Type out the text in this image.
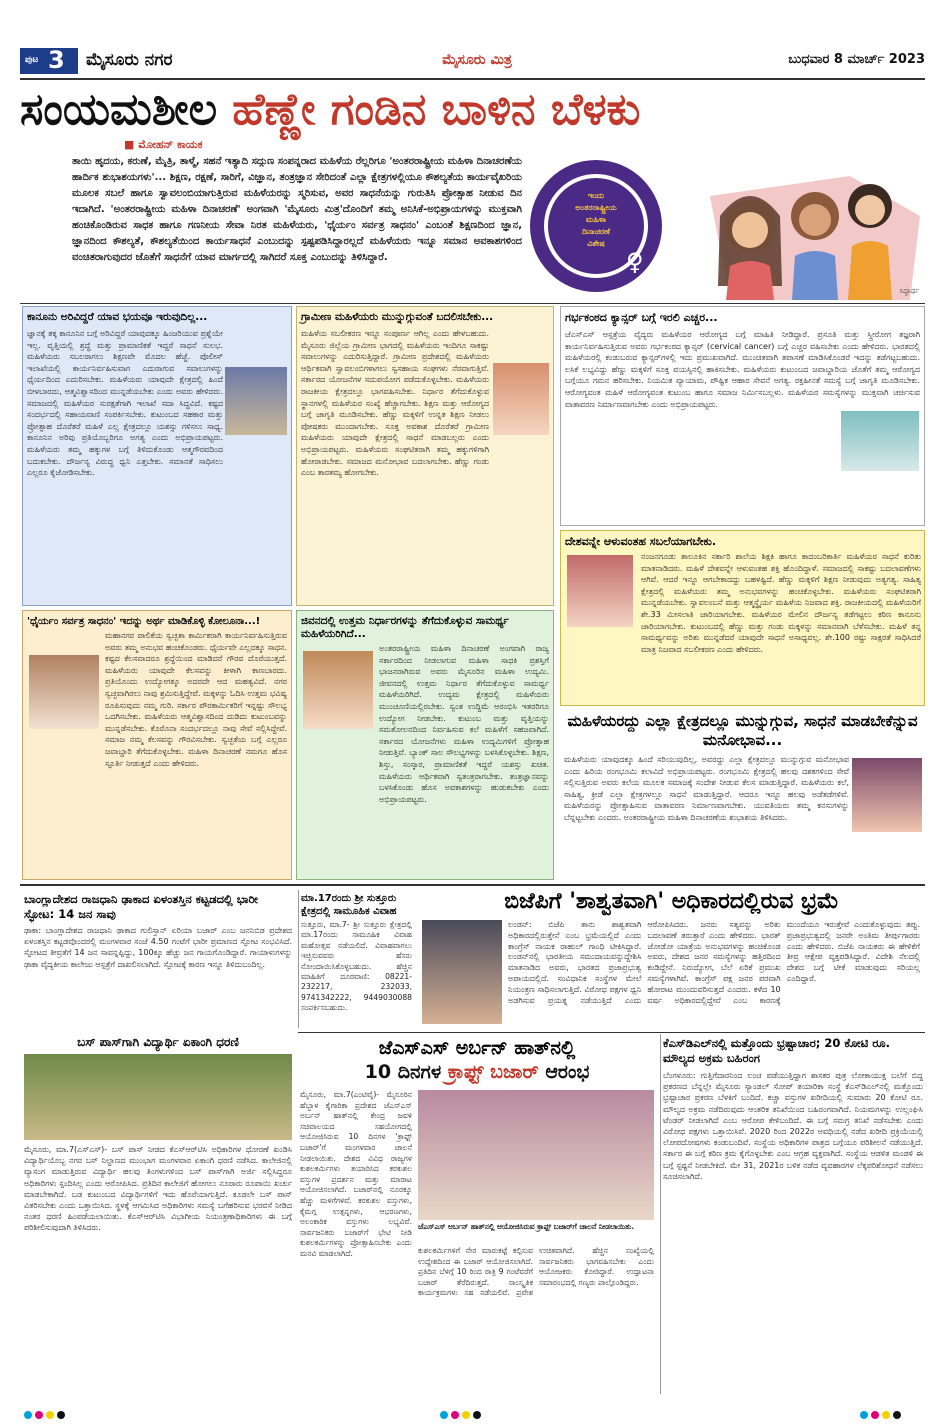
ಪುಟ 3 ಮೈಸೂರು ನಗರ	ಮೈಸೂರು ಮಿತ್ರ	ಬುಧವಾರ 8 ಮಾರ್ಚ್ 2023
ಸಂಯಮಶೀಲ ಹೆಣ್ಣೇ ಗಂಡಿನ ಬಾಳಿನ ಬೆಳಕು
■ ಮೋಹನ್ ಕಾಯಕ
ತಾಯಿ ಹೃದಯ, ಕರುಣೆ, ಮೈತ್ರಿ, ತಾಳ್ಮೆ, ಸಹನೆ ಇತ್ಯಾದಿ ಸದ್ಗುಣ ಸಂಪನ್ನರಾದ ಮಹಿಳೆಯ ರೆಲ್ಲರಿಗೂ 'ಅಂತರರಾಷ್ಟ್ರೀಯ ಮಹಿಳಾ ದಿನಾಚರಣೆಯ ಹಾರ್ದಿಕ ಶುಭಾಶಯಗಳು'... ಶಿಕ್ಷಣ, ರಕ್ಷಣೆ, ಸಾರಿಗೆ, ವಿಜ್ಞಾನ, ತಂತ್ರಜ್ಞಾನ ಸೇರಿದಂತೆ ಎಲ್ಲಾ ಕ್ಷೇತ್ರಗಳಲ್ಲಿಯೂ ಕೌಶಲ್ಯತೆಯ ಕಾರ್ಯವೈಖರಿಯ ಮೂಲಕ ಸಬಲೆ ಹಾಗೂ ಸ್ವಾವಲಂಬಿಯಾಗುತ್ತಿರುವ ಮಹಿಳೆಯರನ್ನು ಸ್ಮರಿಸುವ, ಅವರ ಸಾಧನೆಯನ್ನು ಗುರುತಿಸಿ ಪ್ರೋತ್ಸಾಹ ನೀಡುವ ದಿನ ಇದಾಗಿದೆ. 'ಅಂತರರಾಷ್ಟ್ರೀಯ ಮಹಿಳಾ ದಿನಾಚರಣೆ' ಅಂಗವಾಗಿ 'ಮೈಸೂರು ಮಿತ್ರ'ದೊಂದಿಗೆ ತಮ್ಮ ಅನಿಸಿಕೆ-ಅಭಿಪ್ರಾಯಗಳನ್ನು ಮುಕ್ತವಾಗಿ ಹಂಚಿಕೊಂಡಿರುವ ಸಾಧಕ ಹಾಗೂ ಗಣನೀಯ ಸೇವಾ ನಿರತ ಮಹಿಳೆಯರು, 'ಧೈರ್ಯಂ ಸರ್ವತ್ರ ಸಾಧನಂ' ಎಂಬಂತೆ ಶಿಕ್ಷಣದಿಂದ ಜ್ಞಾನ, ಜ್ಞಾನದಿಂದ ಕೌಶಲ್ಯತೆ, ಕೌಶಲ್ಯತೆಯಿಂದ ಕಾರ್ಯಸಾಧನೆ ಎಂಬುದನ್ನು ಸ್ಪಷ್ಟಪಡಿಸಿದ್ದಾರಲ್ಲದೆ ಮಹಿಳೆಯರು ಇನ್ನೂ ಸಮಾನ ಅವಕಾಶಗಳಿಂದ ವಂಚಿತರಾಗುವುದರ ಜೊತೆಗೆ ಸಾಧನೆಗೆ ಯಾವ ಮಾರ್ಗದಲ್ಲಿ ಸಾಗಿದರೆ ಸೂಕ್ತ ಎಂಬುದನ್ನು ತಿಳಿಸಿದ್ದಾರೆ.
ಇಂದು
ಅಂತರರಾಷ್ಟ್ರೀಯ
ಮಹಿಳಾ
ದಿನಾಚರಣೆ
ವಿಶೇಷ
♀
ಸಿದ್ದಾರ್ಥ
ಕಾನೂನು ಅರಿವಿದ್ದರೆ ಯಾವ ಭಯವೂ ಇರುವುದಿಲ್ಲ...
ಜ್ಞಾನಕ್ಕೆ ತಕ್ಕ ಕಾನೂನಿನ ಬಗ್ಗೆ ಅರಿವಿದ್ದರೆ ಯಾವುದಕ್ಕೂ ಹಿಂಜರಿಯುವ ಪ್ರಶ್ನೆಯೇ ಇಲ್ಲ. ವೃತ್ತಿಯಲ್ಲಿ ಶ್ರದ್ಧೆ ಮತ್ತು ಪ್ರಾಮಾಣಿಕತೆ ಇದ್ದರೆ ಸಾಧನೆ ಸುಲಭ. ಮಹಿಳೆಯರು ಸಬಲರಾಗಲು ಶಿಕ್ಷಣವೇ ಮೊದಲ ಹೆಜ್ಜೆ. ಪೊಲೀಸ್ ಇಲಾಖೆಯಲ್ಲಿ ಕಾರ್ಯನಿರ್ವಹಿಸುವಾಗ ಎದುರಾಗುವ ಸವಾಲುಗಳನ್ನು ಧೈರ್ಯದಿಂದ ಎದುರಿಸಬೇಕು. ಮಹಿಳೆಯರು ಯಾವುದೇ ಕ್ಷೇತ್ರದಲ್ಲಿ ಹಿಂದೆ ಬೀಳಬಾರದು, ಆತ್ಮವಿಶ್ವಾಸದಿಂದ ಮುನ್ನಡೆಯಬೇಕು ಎಂದು ಅವರು ಹೇಳಿದರು. ಸಮಾಜದಲ್ಲಿ ಮಹಿಳೆಯರ ಸುರಕ್ಷತೆಗಾಗಿ ಇಲಾಖೆ ಸದಾ ಸಿದ್ಧವಿದೆ. ಕಷ್ಟದ ಸಂದರ್ಭದಲ್ಲಿ ಸಹಾಯವಾಣಿ ಸಂಪರ್ಕಿಸಬೇಕು. ಕುಟುಂಬದ ಸಹಕಾರ ಮತ್ತು ಪ್ರೋತ್ಸಾಹ ದೊರೆತರೆ ಮಹಿಳೆ ಎಲ್ಲ ಕ್ಷೇತ್ರದಲ್ಲೂ ಯಶಸ್ಸು ಗಳಿಸಲು ಸಾಧ್ಯ. ಕಾನೂನಿನ ಅರಿವು ಪ್ರತಿಯೊಬ್ಬರಿಗೂ ಅಗತ್ಯ ಎಂದು ಅಭಿಪ್ರಾಯಪಟ್ಟರು. ಮಹಿಳೆಯರು ತಮ್ಮ ಹಕ್ಕುಗಳ ಬಗ್ಗೆ ತಿಳಿದುಕೊಂಡು ಆತ್ಮಗೌರವದಿಂದ ಬದುಕಬೇಕು. ದೌರ್ಜನ್ಯ ವಿರುದ್ಧ ಧ್ವನಿ ಎತ್ತಬೇಕು. ಸಮಾನತೆ ಸಾಧಿಸಲು ಎಲ್ಲರೂ ಕೈಜೋಡಿಸಬೇಕು.
ಗ್ರಾಮೀಣ ಮಹಿಳೆಯರು ಮುನ್ನುಗ್ಗುವಂತೆ ಬದಲಿಸಬೇಕು...
ಮಹಿಳೆಯ ಸಬಲೀಕರಣ ಇನ್ನೂ ಸಂಪೂರ್ಣ ಆಗಿಲ್ಲ ಎಂದು ಹೇಳಬಹುದು. ಮೈಸೂರು ಜಿಲ್ಲೆಯ ಗ್ರಾಮೀಣ ಭಾಗದಲ್ಲಿ ಮಹಿಳೆಯರು ಇಂದಿಗೂ ಸಾಕಷ್ಟು ಸವಾಲುಗಳನ್ನು ಎದುರಿಸುತ್ತಿದ್ದಾರೆ. ಗ್ರಾಮೀಣ ಪ್ರದೇಶದಲ್ಲಿ ಮಹಿಳೆಯರು ಆರ್ಥಿಕವಾಗಿ ಸ್ವಾವಲಂಬಿಗಳಾಗಲು ಸ್ವಸಹಾಯ ಸಂಘಗಳು ನೆರವಾಗುತ್ತಿವೆ. ಸರ್ಕಾರದ ಯೋಜನೆಗಳ ಸದುಪಯೋಗ ಪಡೆದುಕೊಳ್ಳಬೇಕು. ಮಹಿಳೆಯರು ರಾಜಕೀಯ ಕ್ಷೇತ್ರದಲ್ಲೂ ಭಾಗವಹಿಸಬೇಕು. ನಿರ್ಧಾರ ತೆಗೆದುಕೊಳ್ಳುವ ಸ್ಥಾನಗಳಲ್ಲಿ ಮಹಿಳೆಯರ ಸಂಖ್ಯೆ ಹೆಚ್ಚಾಗಬೇಕು. ಶಿಕ್ಷಣ ಮತ್ತು ಆರೋಗ್ಯದ ಬಗ್ಗೆ ಜಾಗೃತಿ ಮೂಡಿಸಬೇಕು. ಹೆಣ್ಣು ಮಕ್ಕಳಿಗೆ ಉನ್ನತ ಶಿಕ್ಷಣ ನೀಡಲು ಪೋಷಕರು ಮುಂದಾಗಬೇಕು. ಸೂಕ್ತ ಅವಕಾಶ ದೊರೆತರೆ ಗ್ರಾಮೀಣ ಮಹಿಳೆಯರು ಯಾವುದೇ ಕ್ಷೇತ್ರದಲ್ಲಿ ಸಾಧನೆ ಮಾಡಬಲ್ಲರು ಎಂದು ಅಭಿಪ್ರಾಯಪಟ್ಟರು. ಮಹಿಳೆಯರು ಸಂಘಟಿತರಾಗಿ ತಮ್ಮ ಹಕ್ಕುಗಳಿಗಾಗಿ ಹೋರಾಡಬೇಕು. ಸಮಾಜದ ಮನೋಭಾವ ಬದಲಾಗಬೇಕು. ಹೆಣ್ಣು ಗಂಡು ಎಂಬ ತಾರತಮ್ಯ ಹೋಗಬೇಕು.
ಗರ್ಭಕಂಠದ ಕ್ಯಾನ್ಸರ್ ಬಗ್ಗೆ ಇರಲಿ ಎಚ್ಚರ...
ಜೆಎಸ್‌ಎಸ್ ಆಸ್ಪತ್ರೆಯ ವೈದ್ಯರು ಮಹಿಳೆಯರ ಆರೋಗ್ಯದ ಬಗ್ಗೆ ಮಾಹಿತಿ ನೀಡಿದ್ದಾರೆ. ಪ್ರಸೂತಿ ಮತ್ತು ಸ್ತ್ರೀರೋಗ ತಜ್ಞರಾಗಿ ಕಾರ್ಯನಿರ್ವಹಿಸುತ್ತಿರುವ ಅವರು ಗರ್ಭಕಂಠದ ಕ್ಯಾನ್ಸರ್ (cervical cancer) ಬಗ್ಗೆ ಎಚ್ಚರ ವಹಿಸಬೇಕು ಎಂದು ಹೇಳಿದರು. ಭಾರತದಲ್ಲಿ ಮಹಿಳೆಯರಲ್ಲಿ ಕಂಡುಬರುವ ಕ್ಯಾನ್ಸರ್‌ಗಳಲ್ಲಿ ಇದು ಪ್ರಮುಖವಾಗಿದೆ. ಮುಂಚಿತವಾಗಿ ತಪಾಸಣೆ ಮಾಡಿಸಿಕೊಂಡರೆ ಇದನ್ನು ತಡೆಗಟ್ಟಬಹುದು. ಲಸಿಕೆ ಲಭ್ಯವಿದ್ದು ಹೆಣ್ಣು ಮಕ್ಕಳಿಗೆ ಸೂಕ್ತ ವಯಸ್ಸಿನಲ್ಲಿ ಹಾಕಿಸಬೇಕು. ಮಹಿಳೆಯರು ಕುಟುಂಬದ ಜವಾಬ್ದಾರಿಯ ಜೊತೆಗೆ ತಮ್ಮ ಆರೋಗ್ಯದ ಬಗ್ಗೆಯೂ ಗಮನ ಹರಿಸಬೇಕು. ನಿಯಮಿತ ವ್ಯಾಯಾಮ, ಪೌಷ್ಟಿಕ ಆಹಾರ ಸೇವನೆ ಅಗತ್ಯ. ರಕ್ತಹೀನತೆ ಸಮಸ್ಯೆ ಬಗ್ಗೆ ಜಾಗೃತಿ ಮೂಡಿಸಬೇಕು. ಆರೋಗ್ಯವಂತ ಮಹಿಳೆ ಆರೋಗ್ಯವಂತ ಕುಟುಂಬ ಹಾಗೂ ಸಮಾಜ ನಿರ್ಮಿಸಬಲ್ಲಳು. ಮಹಿಳೆಯರ ಸಮಸ್ಯೆಗಳನ್ನು ಮುಕ್ತವಾಗಿ ಚರ್ಚಿಸುವ ವಾತಾವರಣ ನಿರ್ಮಾಣವಾಗಬೇಕು ಎಂದು ಅಭಿಪ್ರಾಯಪಟ್ಟರು.
ದೇಶವನ್ನೇ ಆಳುವಂತಹ ಸಬಲೆಯಾಗಬೇಕು.
ನಂಜನಗೂಡು ತಾಲೂಕಿನ ಸರ್ಕಾರಿ ಶಾಲೆಯ ಶಿಕ್ಷಕಿ ಹಾಗೂ ಕಾದಂಬರಿಕಾರ್ತಿ ಮಹಿಳೆಯರ ಸಾಧನೆ ಕುರಿತು ಮಾತನಾಡಿದರು. ಮಹಿಳೆ ದೇಶವನ್ನೇ ಆಳುವಂತಹ ಶಕ್ತಿ ಹೊಂದಿದ್ದಾಳೆ. ಸಮಾಜದಲ್ಲಿ ಸಾಕಷ್ಟು ಬದಲಾವಣೆಗಳು ಆಗಿವೆ. ಆದರೆ ಇನ್ನೂ ಆಗಬೇಕಾದದ್ದು ಬಹಳಷ್ಟಿದೆ. ಹೆಣ್ಣು ಮಕ್ಕಳಿಗೆ ಶಿಕ್ಷಣ ನೀಡುವುದು ಅತ್ಯಗತ್ಯ. ಸಾಹಿತ್ಯ ಕ್ಷೇತ್ರದಲ್ಲಿ ಮಹಿಳೆಯರು ತಮ್ಮ ಅನುಭವಗಳನ್ನು ಹಂಚಿಕೊಳ್ಳಬೇಕು. ಮಹಿಳೆಯರು ಸಂಘಟಿತರಾಗಿ ಮುನ್ನಡೆಯಬೇಕು. ಸ್ವಾವಲಂಬನೆ ಮತ್ತು ಆತ್ಮಸ್ಥೈರ್ಯ ಮಹಿಳೆಯ ನಿಜವಾದ ಶಕ್ತಿ. ರಾಜಕೀಯದಲ್ಲಿ ಮಹಿಳೆಯರಿಗೆ ಶೇ.33 ಮೀಸಲಾತಿ ಜಾರಿಯಾಗಬೇಕು. ಮಹಿಳೆಯರ ಮೇಲಿನ ದೌರ್ಜನ್ಯ ತಡೆಗಟ್ಟಲು ಕಠಿಣ ಕಾನೂನು ಜಾರಿಯಾಗಬೇಕು. ಕುಟುಂಬದಲ್ಲಿ ಹೆಣ್ಣು ಮತ್ತು ಗಂಡು ಮಕ್ಕಳನ್ನು ಸಮಾನವಾಗಿ ಬೆಳೆಸಬೇಕು. ಮಹಿಳೆ ತನ್ನ ಸಾಮರ್ಥ್ಯವನ್ನು ಅರಿತು ಮುನ್ನಡೆದರೆ ಯಾವುದೇ ಸಾಧನೆ ಅಸಾಧ್ಯವಲ್ಲ. ಶೇ.100 ರಷ್ಟು ಸಾಕ್ಷರತೆ ಸಾಧಿಸಿದರೆ ಮಾತ್ರ ನಿಜವಾದ ಸಬಲೀಕರಣ ಎಂದು ಹೇಳಿದರು.
'ಧೈರ್ಯಂ ಸರ್ವತ್ರ ಸಾಧನಂ' ಇದನ್ನು ಅರ್ಥ ಮಾಡಿಕೊಳ್ಳಿ ಕೋಲೂನಾ...!
ಮಹಾನಗರ ಪಾಲಿಕೆಯ ಸ್ವಚ್ಛತಾ ಕಾರ್ಮಿಕರಾಗಿ ಕಾರ್ಯನಿರ್ವಹಿಸುತ್ತಿರುವ ಅವರು ತಮ್ಮ ಅನುಭವ ಹಂಚಿಕೊಂಡರು. ಧೈರ್ಯವೇ ಎಲ್ಲದಕ್ಕೂ ಸಾಧನ. ಕಷ್ಟದ ಕೆಲಸವಾದರೂ ಶ್ರದ್ಧೆಯಿಂದ ಮಾಡಿದರೆ ಗೌರವ ದೊರೆಯುತ್ತದೆ. ಮಹಿಳೆಯರು ಯಾವುದೇ ಕೆಲಸವನ್ನು ಕೀಳಾಗಿ ಕಾಣಬಾರದು. ಪ್ರತಿಯೊಂದು ಉದ್ಯೋಗಕ್ಕೂ ಅದರದೇ ಆದ ಮಹತ್ವವಿದೆ. ನಗರ ಸ್ವಚ್ಛವಾಗಿರಲು ನಾವು ಶ್ರಮಿಸುತ್ತಿದ್ದೇವೆ. ಮಕ್ಕಳನ್ನು ಓದಿಸಿ ಉತ್ತಮ ಭವಿಷ್ಯ ರೂಪಿಸುವುದು ನಮ್ಮ ಗುರಿ. ಸರ್ಕಾರ ಪೌರಕಾರ್ಮಿಕರಿಗೆ ಇನ್ನಷ್ಟು ಸೌಲಭ್ಯ ಒದಗಿಸಬೇಕು. ಮಹಿಳೆಯರು ಆತ್ಮವಿಶ್ವಾಸದಿಂದ ದುಡಿದು ಕುಟುಂಬವನ್ನು ಮುನ್ನಡೆಸಬೇಕು. ಕೊರೊನಾ ಸಂದರ್ಭದಲ್ಲೂ ನಾವು ಸೇವೆ ಸಲ್ಲಿಸಿದ್ದೇವೆ. ಸಮಾಜ ನಮ್ಮ ಕೆಲಸವನ್ನು ಗೌರವಿಸಬೇಕು. ಸ್ವಚ್ಛತೆಯ ಬಗ್ಗೆ ಎಲ್ಲರೂ ಜವಾಬ್ದಾರಿ ತೆಗೆದುಕೊಳ್ಳಬೇಕು. ಮಹಿಳಾ ದಿನಾಚರಣೆ ನಮಗೂ ಹೊಸ ಸ್ಫೂರ್ತಿ ನೀಡುತ್ತದೆ ಎಂದು ಹೇಳಿದರು.
ಜಿವನದಲ್ಲಿ ಉತ್ತಮ ನಿರ್ಧಾರಗಳನ್ನು ತೆಗೆದುಕೊಳ್ಳುವ ಸಾಮರ್ಥ್ಯ ಮಹಿಳೆಯರಿಗಿದೆ...
ಅಂತರರಾಷ್ಟ್ರೀಯ ಮಹಿಳಾ ದಿನಾಚರಣೆ ಅಂಗವಾಗಿ ರಾಜ್ಯ ಸರ್ಕಾರದಿಂದ ನೀಡಲಾಗುವ ಮಹಿಳಾ ಸಾಧಕಿ ಪ್ರಶಸ್ತಿಗೆ ಭಾಜನರಾಗಿರುವ ಅವರು ಮೈಸೂರಿನ ಮಹಿಳಾ ಉದ್ಯಮಿ. ಜೀವನದಲ್ಲಿ ಉತ್ತಮ ನಿರ್ಧಾರ ತೆಗೆದುಕೊಳ್ಳುವ ಸಾಮರ್ಥ್ಯ ಮಹಿಳೆಯರಿಗಿದೆ. ಉದ್ಯಮ ಕ್ಷೇತ್ರದಲ್ಲಿ ಮಹಿಳೆಯರು ಮುಂಚೂಣಿಯಲ್ಲಿರಬೇಕು. ಸ್ವಂತ ಉದ್ದಿಮೆ ಆರಂಭಿಸಿ ಇತರರಿಗೂ ಉದ್ಯೋಗ ನೀಡಬೇಕು. ಕುಟುಂಬ ಮತ್ತು ವೃತ್ತಿಯನ್ನು ಸಮತೋಲನದಿಂದ ನಿರ್ವಹಿಸುವ ಕಲೆ ಮಹಿಳೆಗೆ ಸಹಜವಾಗಿದೆ. ಸರ್ಕಾರದ ಯೋಜನೆಗಳು ಮಹಿಳಾ ಉದ್ಯಮಿಗಳಿಗೆ ಪ್ರೋತ್ಸಾಹ ನೀಡುತ್ತಿವೆ. ಬ್ಯಾಂಕ್ ಸಾಲ ಸೌಲಭ್ಯಗಳನ್ನು ಬಳಸಿಕೊಳ್ಳಬೇಕು. ಶಿಕ್ಷಣ, ಶಿಸ್ತು, ಸಂಸ್ಕಾರ, ಪ್ರಾಮಾಣಿಕತೆ ಇದ್ದರೆ ಯಶಸ್ಸು ಖಚಿತ. ಮಹಿಳೆಯರು ಆರ್ಥಿಕವಾಗಿ ಸ್ವತಂತ್ರರಾಗಬೇಕು. ತಂತ್ರಜ್ಞಾನವನ್ನು ಬಳಸಿಕೊಂಡು ಹೊಸ ಅವಕಾಶಗಳನ್ನು ಹುಡುಕಬೇಕು ಎಂದು ಅಭಿಪ್ರಾಯಪಟ್ಟರು.
ಮಹಿಳೆಯರದ್ದು ಎಲ್ಲಾ ಕ್ಷೇತ್ರದಲ್ಲೂ ಮುನ್ನುಗ್ಗುವ, ಸಾಧನೆ ಮಾಡಬೇಕೆನ್ನುವ ಮನೋಭಾವ...
ಮಹಿಳೆಯರು ಯಾವುದಕ್ಕೂ ಹಿಂದೆ ಸರಿಯುವುದಿಲ್ಲ, ಅವರದ್ದು ಎಲ್ಲಾ ಕ್ಷೇತ್ರದಲ್ಲೂ ಮುನ್ನುಗ್ಗುವ ಮನೋಭಾವ ಎಂದು ಹಿರಿಯ ರಂಗಭೂಮಿ ಕಲಾವಿದೆ ಅಭಿಪ್ರಾಯಪಟ್ಟರು. ರಂಗಭೂಮಿ ಕ್ಷೇತ್ರದಲ್ಲಿ ಹಲವು ದಶಕಗಳಿಂದ ಸೇವೆ ಸಲ್ಲಿಸುತ್ತಿರುವ ಅವರು ಕಲೆಯ ಮೂಲಕ ಸಮಾಜಕ್ಕೆ ಸಂದೇಶ ನೀಡುವ ಕೆಲಸ ಮಾಡುತ್ತಿದ್ದಾರೆ. ಮಹಿಳೆಯರು ಕಲೆ, ಸಾಹಿತ್ಯ, ಕ್ರೀಡೆ ಎಲ್ಲಾ ಕ್ಷೇತ್ರಗಳಲ್ಲೂ ಸಾಧನೆ ಮಾಡುತ್ತಿದ್ದಾರೆ. ಆದರೂ ಇನ್ನೂ ಹಲವು ಅಡೆತಡೆಗಳಿವೆ. ಮಹಿಳೆಯರನ್ನು ಪ್ರೋತ್ಸಾಹಿಸುವ ವಾತಾವರಣ ನಿರ್ಮಾಣವಾಗಬೇಕು. ಯುವತಿಯರು ತಮ್ಮ ಕನಸುಗಳನ್ನು ಬೆನ್ನಟ್ಟಬೇಕು ಎಂದರು. ಅಂತರರಾಷ್ಟ್ರೀಯ ಮಹಿಳಾ ದಿನಾಚರಣೆಯ ಶುಭಾಶಯ ತಿಳಿಸಿದರು.
ಬಾಂಗ್ಲಾದೇಶದ ರಾಜಧಾನಿ ಢಾಕಾದ ಏಳಂತಸ್ತಿನ ಕಟ್ಟಡದಲ್ಲಿ ಭಾರೀ ಸ್ಫೋಟ: 14 ಜನ ಸಾವು
ಢಾಕಾ: ಬಾಂಗ್ಲಾದೇಶದ ರಾಜಧಾನಿ ಢಾಕಾದ ಗುಲಿಸ್ತಾನ್ ಏರಿಯಾ ಬಜಾರ್ ಎಂಬ ಜನನಿಬಿಡ ಪ್ರದೇಶದ ಏಳಂತಸ್ತಿನ ಕಟ್ಟಡವೊಂದರಲ್ಲಿ ಮಂಗಳವಾರ ಸಂಜೆ 4.50 ಗಂಟೆಗೆ ಭಾರೀ ಪ್ರಮಾಣದ ಸ್ಫೋಟ ಸಂಭವಿಸಿದೆ. ಸ್ಫೋಟದ ತೀವ್ರತೆಗೆ 14 ಜನ ಸಾವನ್ನಪ್ಪಿದ್ದು, 100ಕ್ಕೂ ಹೆಚ್ಚು ಜನ ಗಾಯಗೊಂಡಿದ್ದಾರೆ. ಗಾಯಾಳುಗಳನ್ನು ಢಾಕಾ ವೈದ್ಯಕೀಯ ಕಾಲೇಜು ಆಸ್ಪತ್ರೆಗೆ ದಾಖಲಿಸಲಾಗಿದೆ. ಸ್ಫೋಟಕ್ಕೆ ಕಾರಣ ಇನ್ನೂ ತಿಳಿದುಬಂದಿಲ್ಲ.
ಬಸ್ ಪಾಸ್‌ಗಾಗಿ ವಿದ್ಯಾರ್ಥಿ ಏಕಾಂಗಿ ಧರಣಿ
ಮೈಸೂರು, ಮಾ.7(ಎಸ್‌ಎಸ್)- ಬಸ್ ಪಾಸ್ ನೀಡದ ಕೆಎಸ್‌ಆರ್‌ಟಿಸಿ ಅಧಿಕಾರಿಗಳ ಧೋರಣೆ ಖಂಡಿಸಿ ವಿದ್ಯಾರ್ಥಿಯೊಬ್ಬ ನಗರ ಬಸ್ ನಿಲ್ದಾಣದ ಮುಂಭಾಗ ಮಂಗಳವಾರ ಏಕಾಂಗಿ ಧರಣಿ ನಡೆಸಿದ. ಕಾಲೇಜಿನಲ್ಲಿ ವ್ಯಾಸಂಗ ಮಾಡುತ್ತಿರುವ ವಿದ್ಯಾರ್ಥಿ ಹಲವು ತಿಂಗಳುಗಳಿಂದ ಬಸ್ ಪಾಸ್‌ಗಾಗಿ ಅರ್ಜಿ ಸಲ್ಲಿಸಿದ್ದರೂ ಅಧಿಕಾರಿಗಳು ಸ್ಪಂದಿಸಿಲ್ಲ ಎಂದು ಆರೋಪಿಸಿದ. ಪ್ರತಿದಿನ ಕಾಲೇಜಿಗೆ ಹೋಗಲು ನೂರಾರು ರೂಪಾಯಿ ಖರ್ಚು ಮಾಡಬೇಕಾಗಿದೆ. ಬಡ ಕುಟುಂಬದ ವಿದ್ಯಾರ್ಥಿಗಳಿಗೆ ಇದು ಹೊರೆಯಾಗುತ್ತಿದೆ. ಕೂಡಲೇ ಬಸ್ ಪಾಸ್ ವಿತರಿಸಬೇಕು ಎಂದು ಒತ್ತಾಯಿಸಿದ. ಸ್ಥಳಕ್ಕೆ ಆಗಮಿಸಿದ ಅಧಿಕಾರಿಗಳು ಸಮಸ್ಯೆ ಬಗೆಹರಿಸುವ ಭರವಸೆ ನೀಡಿದ ನಂತರ ಧರಣಿ ಹಿಂಪಡೆಯಲಾಯಿತು. ಕೆಎಸ್‌ಆರ್‌ಟಿಸಿ ವಿಭಾಗೀಯ ನಿಯಂತ್ರಣಾಧಿಕಾರಿಗಳು ಈ ಬಗ್ಗೆ ಪರಿಶೀಲಿಸುವುದಾಗಿ ತಿಳಿಸಿದರು.
ಮಾ.17ರಂದು ಶ್ರೀ ಸುತ್ತೂರು ಕ್ಷೇತ್ರದಲ್ಲಿ ಸಾಮೂಹಿಕ ವಿವಾಹ
ಸುತ್ತೂರು, ಮಾ.7- ಶ್ರೀ ಸುತ್ತೂರು ಕ್ಷೇತ್ರದಲ್ಲಿ ಮಾ.17ರಂದು ಸಾಮೂಹಿಕ ವಿವಾಹ ಮಹೋತ್ಸವ ನಡೆಯಲಿದೆ. ವಿವಾಹವಾಗಲು ಇಚ್ಛಿಸುವವರು ಹೆಸರು ನೋಂದಾಯಿಸಿಕೊಳ್ಳಬಹುದು. ಹೆಚ್ಚಿನ ಮಾಹಿತಿಗೆ ದೂರವಾಣಿ: 08221-232217, 232033, 9741342222, 9449030088 ಸಂಪರ್ಕಿಸಬಹುದು.
ಬಿಜೆಪಿಗೆ 'ಶಾಶ್ವತವಾಗಿ' ಅಧಿಕಾರದಲ್ಲಿರುವ ಭ್ರಮೆ
ಲಂಡನ್: ಬಿಜೆಪಿ ತಾನು ಶಾಶ್ವತವಾಗಿ ಅಧಿಕಾರದಲ್ಲಿರುತ್ತೇನೆ ಎಂಬ ಭ್ರಮೆಯಲ್ಲಿದೆ ಎಂದು ಕಾಂಗ್ರೆಸ್ ನಾಯಕ ರಾಹುಲ್ ಗಾಂಧಿ ಟೀಕಿಸಿದ್ದಾರೆ. ಲಂಡನ್‌ನಲ್ಲಿ ಭಾರತೀಯ ಸಮುದಾಯವನ್ನುದ್ದೇಶಿಸಿ ಮಾತನಾಡಿದ ಅವರು, ಭಾರತದ ಪ್ರಜಾಪ್ರಭುತ್ವ ಅಪಾಯದಲ್ಲಿದೆ. ಸಂವಿಧಾನಿಕ ಸಂಸ್ಥೆಗಳ ಮೇಲೆ ನಿಯಂತ್ರಣ ಸಾಧಿಸಲಾಗುತ್ತಿದೆ. ವಿರೋಧ ಪಕ್ಷಗಳ ಧ್ವನಿ ಅಡಗಿಸುವ ಪ್ರಯತ್ನ ನಡೆಯುತ್ತಿದೆ ಎಂದು ಆರೋಪಿಸಿದರು. ಜನರು ಸತ್ಯವನ್ನು ಅರಿತು ಬದಲಾವಣೆ ತರುತ್ತಾರೆ ಎಂದು ಹೇಳಿದರು. ಭಾರತ್ ಜೋಡೋ ಯಾತ್ರೆಯ ಅನುಭವಗಳನ್ನು ಹಂಚಿಕೊಂಡ ಅವರು, ದೇಶದ ಜನರ ಸಮಸ್ಯೆಗಳನ್ನು ಹತ್ತಿರದಿಂದ ಕಂಡಿದ್ದೇನೆ. ನಿರುದ್ಯೋಗ, ಬೆಲೆ ಏರಿಕೆ ಪ್ರಮುಖ ಸಮಸ್ಯೆಗಳಾಗಿವೆ. ಕಾಂಗ್ರೆಸ್ ಪಕ್ಷ ಜನರ ಪರವಾಗಿ ಹೋರಾಟ ಮುಂದುವರಿಸುತ್ತದೆ ಎಂದರು. ಕಳೆದ 10 ವರ್ಷ ಅಧಿಕಾರದಲ್ಲಿದ್ದೇವೆ ಎಂಬ ಕಾರಣಕ್ಕೆ ಮುಂದೆಯೂ ಇರುತ್ತೇವೆ ಎಂದುಕೊಳ್ಳುವುದು ತಪ್ಪು. ಪ್ರಜಾಪ್ರಭುತ್ವದಲ್ಲಿ ಜನರೇ ಅಂತಿಮ ತೀರ್ಪುಗಾರರು ಎಂದು ಹೇಳಿದರು. ಬಿಜೆಪಿ ನಾಯಕರು ಈ ಹೇಳಿಕೆಗೆ ತೀವ್ರ ಆಕ್ಷೇಪ ವ್ಯಕ್ತಪಡಿಸಿದ್ದಾರೆ. ವಿದೇಶಿ ನೆಲದಲ್ಲಿ ದೇಶದ ಬಗ್ಗೆ ಟೀಕೆ ಮಾಡುವುದು ಸರಿಯಲ್ಲ ಎಂದಿದ್ದಾರೆ.
ಜೆಎಸ್‌ಎಸ್ ಅರ್ಬನ್ ಹಾತ್‌ನಲ್ಲಿ
10 ದಿನಗಳ ಕ್ರಾಫ್ಟ್ ಬಜಾರ್ ಆರಂಭ
ಮೈಸೂರು, ಮಾ.7(ಎಂಟಿವೈ)- ಮೈಸೂರಿನ ಹೆಬ್ಬಾಳ ಕೈಗಾರಿಕಾ ಪ್ರದೇಶದ ಜೆಎಸ್‌ಎಸ್ ಅರ್ಬನ್ ಹಾತ್‌ನಲ್ಲಿ ಕೇಂದ್ರ ಜವಳಿ ಸಚಿವಾಲಯದ ಸಹಯೋಗದಲ್ಲಿ ಆಯೋಜಿಸಿರುವ 10 ದಿನಗಳ 'ಕ್ರಾಫ್ಟ್ ಬಜಾರ್'ಗೆ ಮಂಗಳವಾರ ಚಾಲನೆ ನೀಡಲಾಯಿತು. ದೇಶದ ವಿವಿಧ ರಾಜ್ಯಗಳ ಕುಶಲಕರ್ಮಿಗಳು ತಯಾರಿಸಿದ ಕರಕುಶಲ ವಸ್ತುಗಳ ಪ್ರದರ್ಶನ ಮತ್ತು ಮಾರಾಟ ಆಯೋಜಿಸಲಾಗಿದೆ. ಬಜಾರ್‌ನಲ್ಲಿ ನೂರಕ್ಕೂ ಹೆಚ್ಚು ಮಳಿಗೆಗಳಿವೆ. ಕರಕುಶಲ ವಸ್ತುಗಳು, ಕೈಮಗ್ಗ ಉತ್ಪನ್ನಗಳು, ಆಭರಣಗಳು, ಅಲಂಕಾರಿಕ ವಸ್ತುಗಳು ಲಭ್ಯವಿವೆ. ಸಾರ್ವಜನಿಕರು ಬಜಾರ್‌ಗೆ ಭೇಟಿ ನೀಡಿ ಕುಶಲಕರ್ಮಿಗಳನ್ನು ಪ್ರೋತ್ಸಾಹಿಸಬೇಕು ಎಂದು ಮನವಿ ಮಾಡಲಾಗಿದೆ.
ಜೆಎಸ್‌ಎಸ್ ಅರ್ಬನ್ ಹಾತ್‌ನಲ್ಲಿ ಆಯೋಜಿಸಿರುವ ಕ್ರಾಫ್ಟ್ ಬಜಾರ್‌ಗೆ ಚಾಲನೆ ನೀಡಲಾಯಿತು.
ಕುಶಲಕರ್ಮಿಗಳಿಗೆ ನೇರ ಮಾರುಕಟ್ಟೆ ಕಲ್ಪಿಸುವ ಉದ್ದೇಶದಿಂದ ಈ ಬಜಾರ್ ಆಯೋಜಿಸಲಾಗಿದೆ. ಪ್ರತಿದಿನ ಬೆಳಿಗ್ಗೆ 10 ರಿಂದ ರಾತ್ರಿ 9 ಗಂಟೆವರೆಗೆ ಬಜಾರ್ ತೆರೆದಿರುತ್ತದೆ. ಸಾಂಸ್ಕೃತಿಕ ಕಾರ್ಯಕ್ರಮಗಳು ಸಹ ನಡೆಯಲಿವೆ. ಪ್ರವೇಶ ಉಚಿತವಾಗಿದೆ. ಹೆಚ್ಚಿನ ಸಂಖ್ಯೆಯಲ್ಲಿ ಸಾರ್ವಜನಿಕರು ಭಾಗವಹಿಸಬೇಕು ಎಂದು ಆಯೋಜಕರು ಕೋರಿದ್ದಾರೆ. ಉದ್ಘಾಟನಾ ಸಮಾರಂಭದಲ್ಲಿ ಗಣ್ಯರು ಪಾಲ್ಗೊಂಡಿದ್ದರು.
ಕೆಎಸ್‌ಡಿಎಲ್‌ನಲ್ಲಿ ಮತ್ತೊಂದು ಭ್ರಷ್ಟಾಚಾರ; 20 ಕೋಟಿ ರೂ. ಮೌಲ್ಯದ ಅಕ್ರಮ ಬಹಿರಂಗ
ಬೆಂಗಳೂರು: ಗುತ್ತಿಗೆದಾರನಿಂದ ಲಂಚ ಪಡೆಯುತ್ತಿದ್ದಾಗ ಶಾಸಕರ ಪುತ್ರ ಲೋಕಾಯುಕ್ತ ಬಲೆಗೆ ಬಿದ್ದ ಪ್ರಕರಣದ ಬೆನ್ನಲ್ಲೇ ಮೈಸೂರು ಸ್ಯಾಂಡಲ್ ಸೋಪ್ ತಯಾರಿಕಾ ಸಂಸ್ಥೆ ಕೆಎಸ್‌ಡಿಎಲ್‌ನಲ್ಲಿ ಮತ್ತೊಂದು ಭ್ರಷ್ಟಾಚಾರ ಪ್ರಕರಣ ಬೆಳಕಿಗೆ ಬಂದಿದೆ. ಕಚ್ಚಾ ವಸ್ತುಗಳ ಖರೀದಿಯಲ್ಲಿ ಸುಮಾರು 20 ಕೋಟಿ ರೂ. ಮೌಲ್ಯದ ಅಕ್ರಮ ನಡೆದಿರುವುದು ಆಂತರಿಕ ತನಿಖೆಯಿಂದ ಬಹಿರಂಗವಾಗಿದೆ. ನಿಯಮಗಳನ್ನು ಉಲ್ಲಂಘಿಸಿ ಟೆಂಡರ್ ನೀಡಲಾಗಿದೆ ಎಂಬ ಆರೋಪ ಕೇಳಿಬಂದಿದೆ. ಈ ಬಗ್ಗೆ ಸಮಗ್ರ ತನಿಖೆ ನಡೆಸಬೇಕು ಎಂದು ವಿರೋಧ ಪಕ್ಷಗಳು ಒತ್ತಾಯಿಸಿವೆ. 2020 ರಿಂದ 2022ರ ಅವಧಿಯಲ್ಲಿ ನಡೆದ ಖರೀದಿ ಪ್ರಕ್ರಿಯೆಯಲ್ಲಿ ಲೋಪದೋಷಗಳು ಕಂಡುಬಂದಿವೆ. ಸಂಸ್ಥೆಯ ಅಧಿಕಾರಿಗಳ ಪಾತ್ರದ ಬಗ್ಗೆಯೂ ಪರಿಶೀಲನೆ ನಡೆಯುತ್ತಿದೆ. ಸರ್ಕಾರ ಈ ಬಗ್ಗೆ ಕಠಿಣ ಕ್ರಮ ಕೈಗೊಳ್ಳಬೇಕು ಎಂಬ ಆಗ್ರಹ ವ್ಯಕ್ತವಾಗಿದೆ. ಸಂಸ್ಥೆಯ ಆಡಳಿತ ಮಂಡಳಿ ಈ ಬಗ್ಗೆ ಸ್ಪಷ್ಟನೆ ನೀಡಬೇಕಿದೆ. ಮೇ 31, 2021ರ ಬಳಿಕ ನಡೆದ ವ್ಯವಹಾರಗಳ ಲೆಕ್ಕಪರಿಶೋಧನೆ ನಡೆಸಲು ಸೂಚಿಸಲಾಗಿದೆ.
